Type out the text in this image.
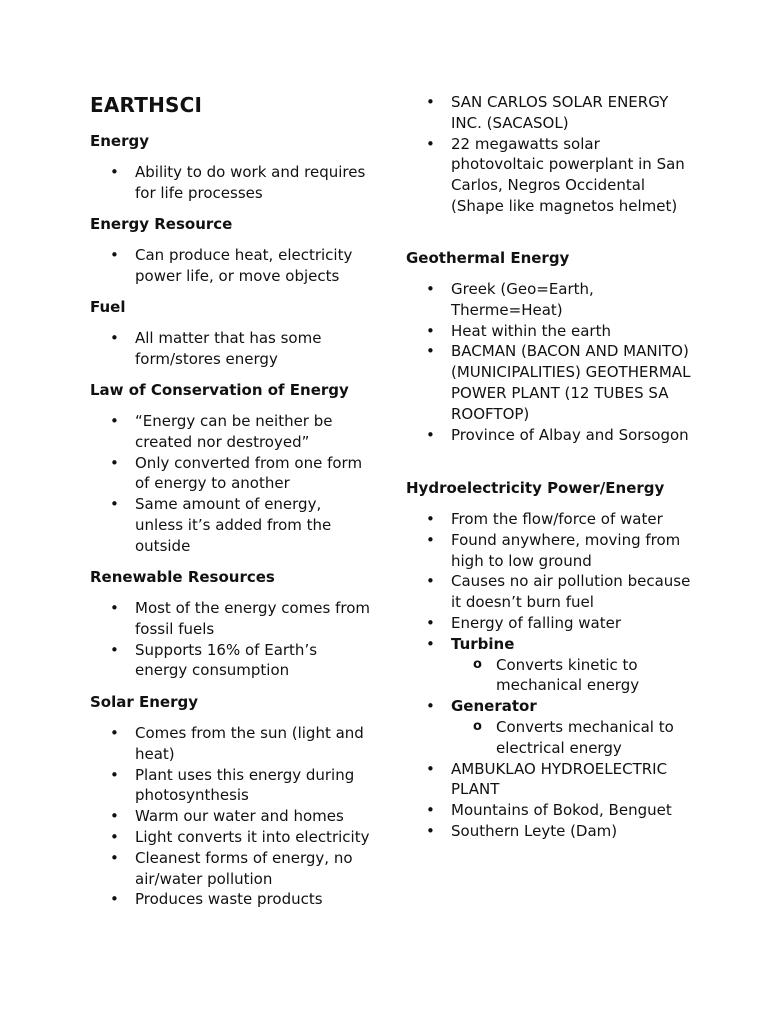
EARTHSCI
Energy
• Ability to do work and requires for life processes
Energy Resource
• Can produce heat, electricity power life, or move objects
Fuel
• All matter that has some form/stores energy
Law of Conservation of Energy
• “Energy can be neither be created nor destroyed”
• Only converted from one form of energy to another
• Same amount of energy, unless it’s added from the outside
Renewable Resources
• Most of the energy comes from fossil fuels
• Supports 16% of Earth’s energy consumption
Solar Energy
• Comes from the sun (light and heat)
• Plant uses this energy during photosynthesis
• Warm our water and homes
• Light converts it into electricity
• Cleanest forms of energy, no air/water pollution
• Produces waste products
• SAN CARLOS SOLAR ENERGY INC. (SACASOL)
• 22 megawatts solar photovoltaic powerplant in San Carlos, Negros Occidental (Shape like magnetos helmet)
Geothermal Energy
• Greek (Geo=Earth, Therme=Heat)
• Heat within the earth
• BACMAN (BACON AND MANITO) (MUNICIPALITIES) GEOTHERMAL POWER PLANT (12 TUBES SA ROOFTOP)
• Province of Albay and Sorsogon
Hydroelectricity Power/Energy
• From the flow/force of water
• Found anywhere, moving from high to low ground
• Causes no air pollution because it doesn’t burn fuel
• Energy of falling water
• Turbine
o Converts kinetic to mechanical energy
• Generator
o Converts mechanical to electrical energy
• AMBUKLAO HYDROELECTRIC PLANT
• Mountains of Bokod, Benguet
• Southern Leyte (Dam)
